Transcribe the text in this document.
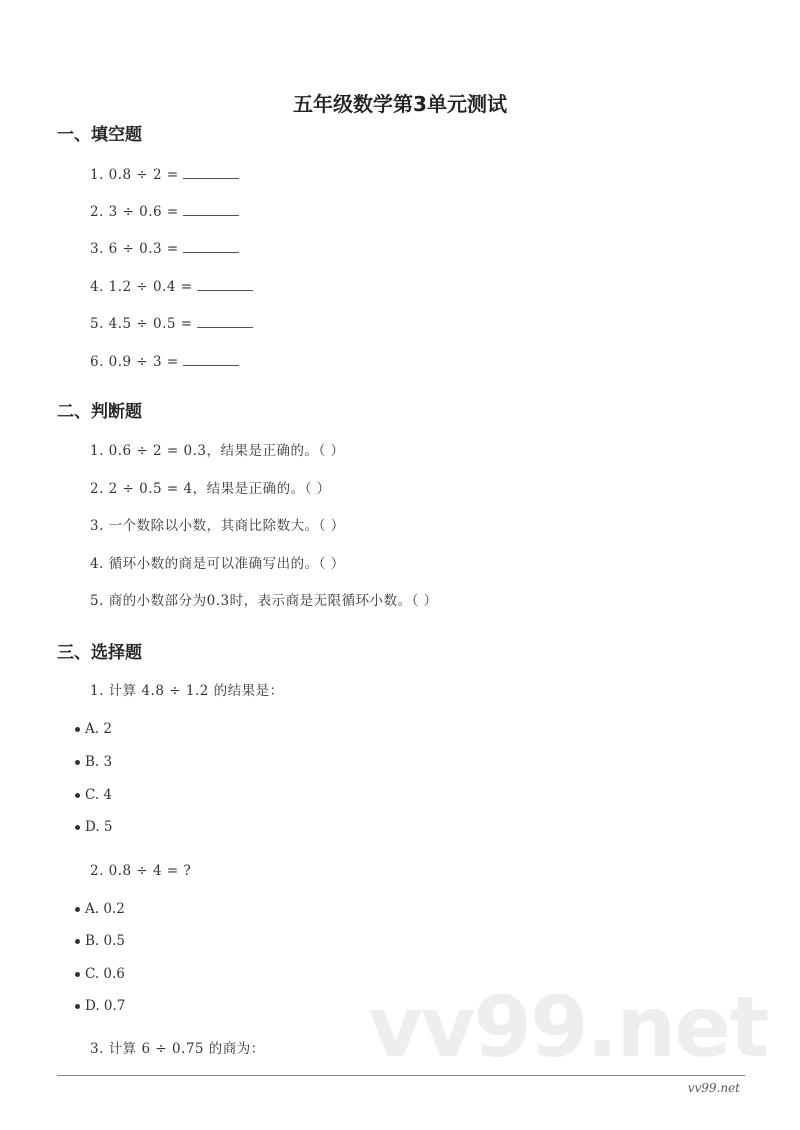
vv99.net
五年级数学第3单元测试
一、填空题
1. 0.8 ÷ 2 =
2. 3 ÷ 0.6 =
3. 6 ÷ 0.3 =
4. 1.2 ÷ 0.4 =
5. 4.5 ÷ 0.5 =
6. 0.9 ÷ 3 =
二、判断题
1. 0.6 ÷ 2 = 0.3，结果是正确的。（ ）
2. 2 ÷ 0.5 = 4，结果是正确的。（ ）
3. 一个数除以小数，其商比除数大。（ ）
4. 循环小数的商是可以准确写出的。（ ）
5. 商的小数部分为0.3时，表示商是无限循环小数。（ ）
三、选择题
1. 计算 4.8 ÷ 1.2 的结果是：
A. 2
B. 3
C. 4
D. 5
2. 0.8 ÷ 4 = ?
A. 0.2
B. 0.5
C. 0.6
D. 0.7
3. 计算 6 ÷ 0.75 的商为：
vv99.net
